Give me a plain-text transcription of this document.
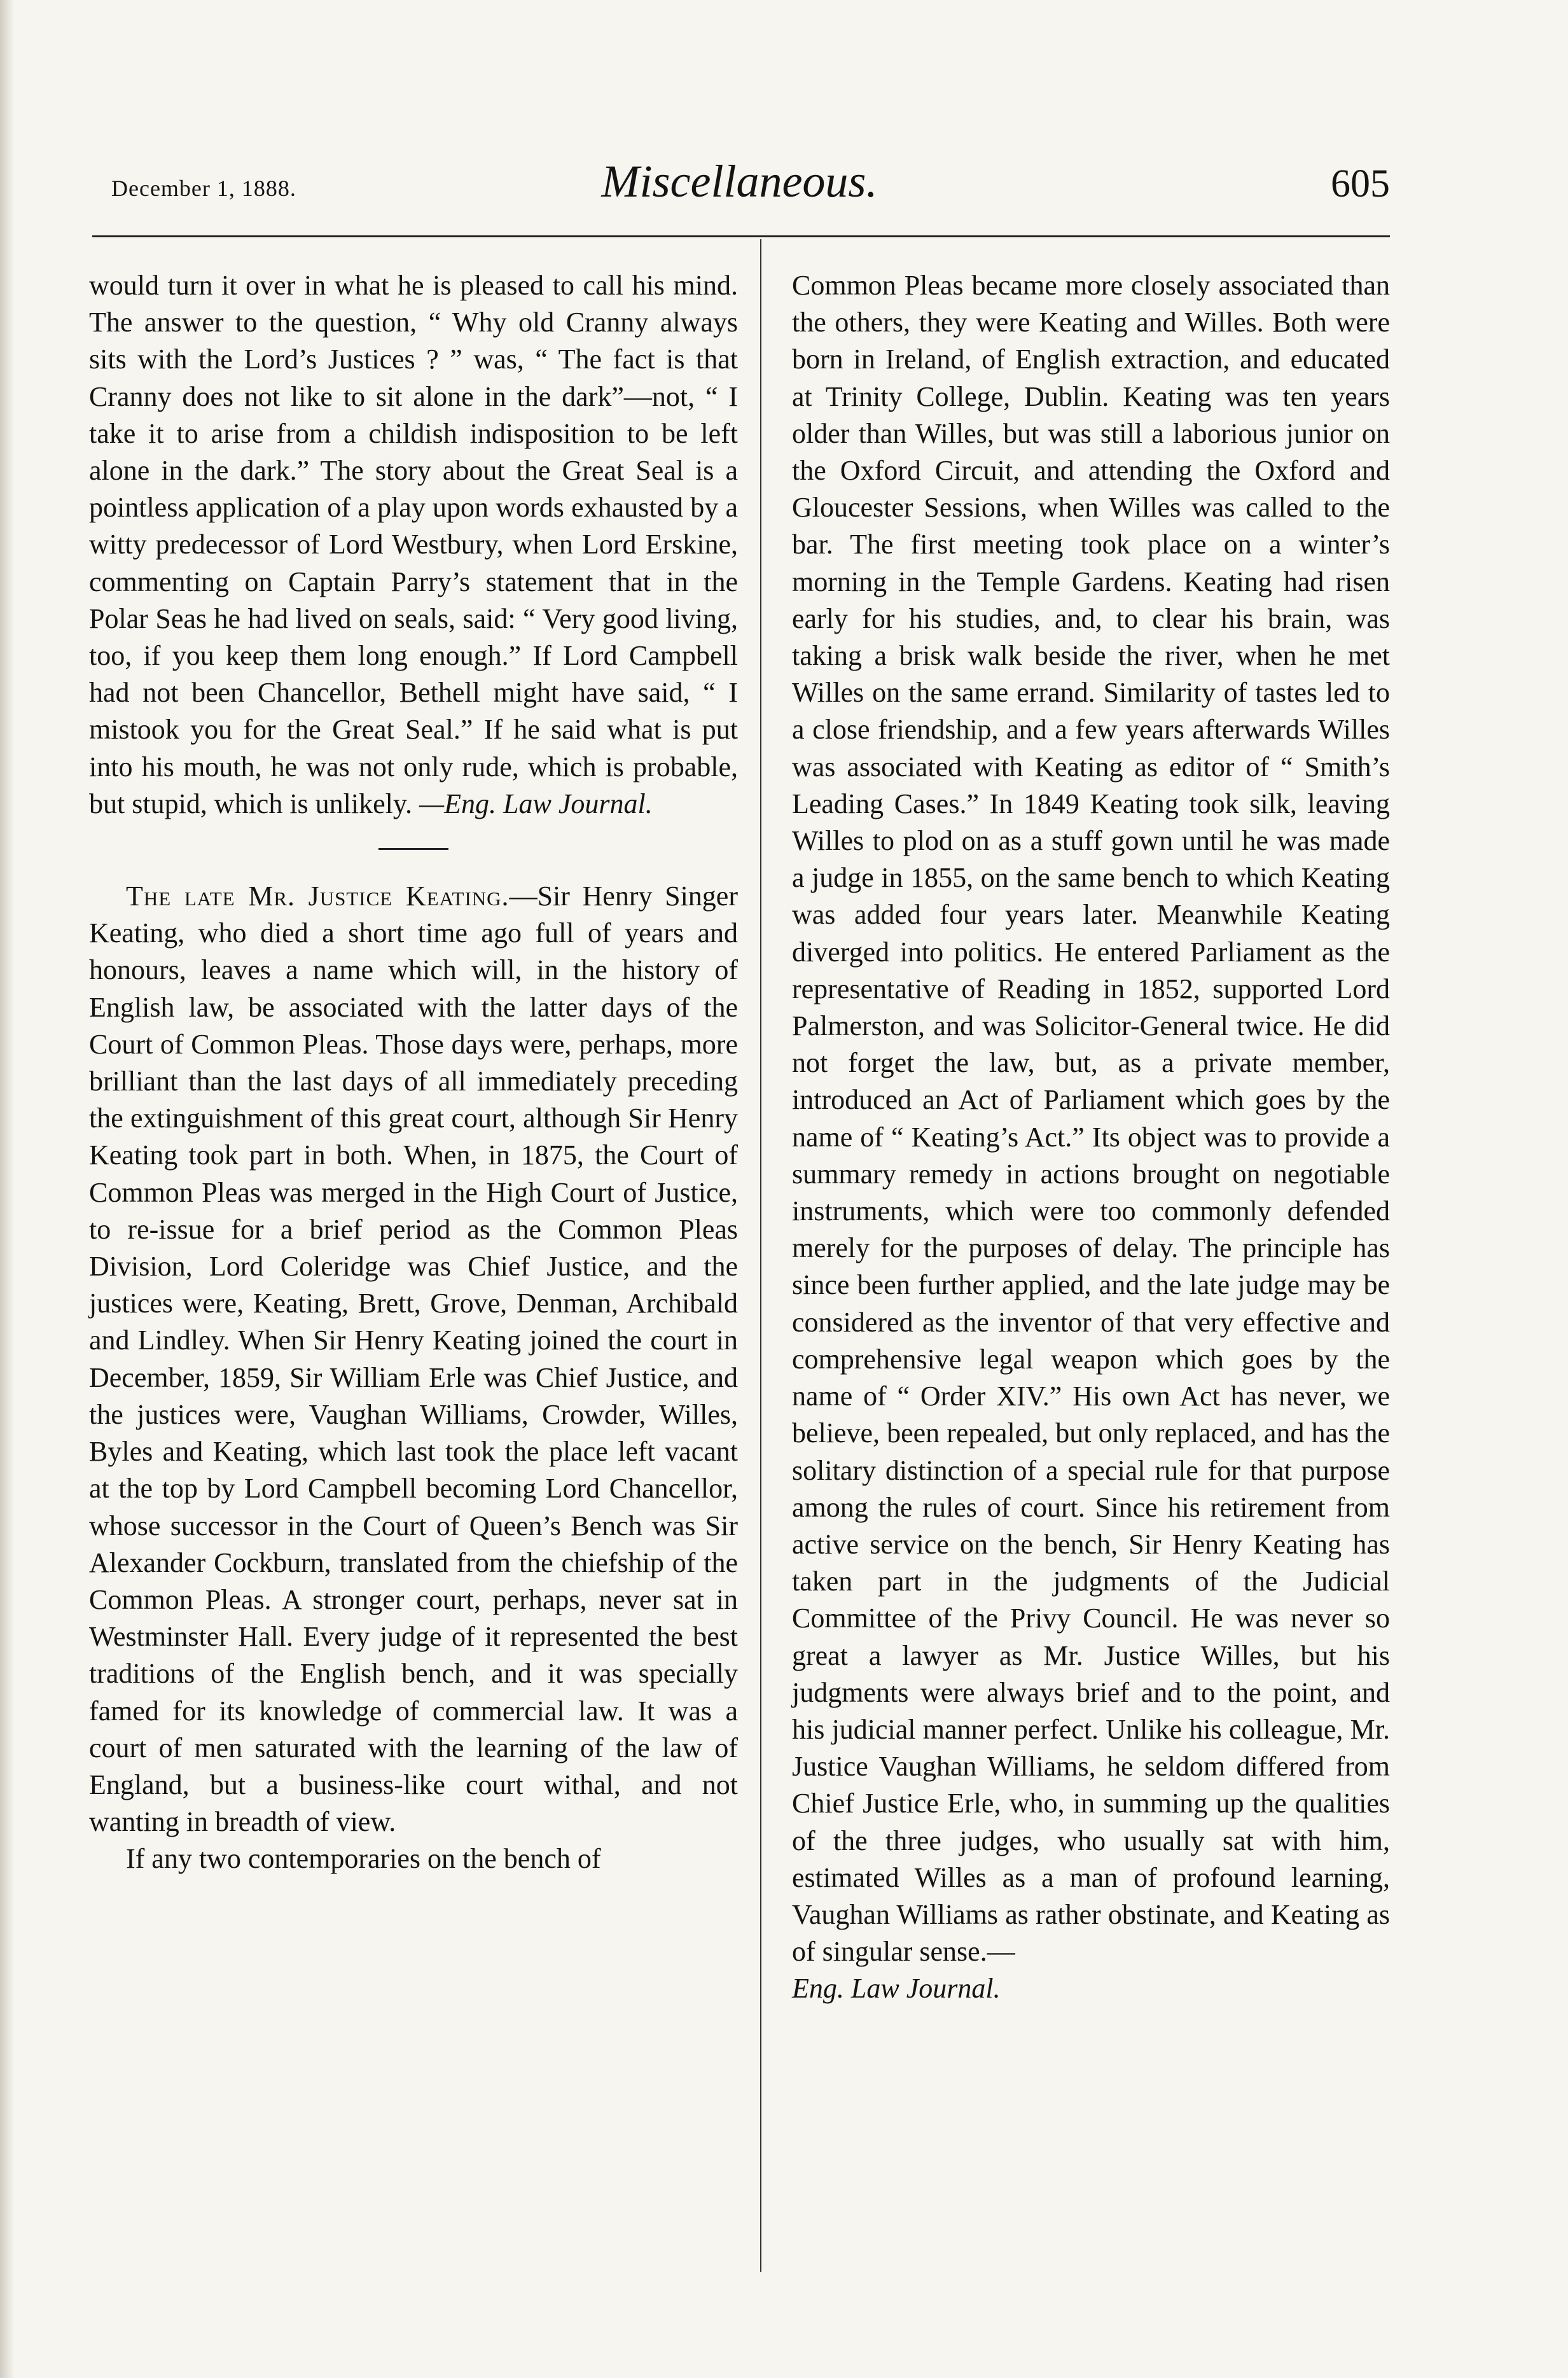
December 1, 1888.	Miscellaneous.	605

would turn it over in what he is pleased to call his mind. The answer to the question, “ Why old Cranny always sits with the Lord’s Justices ? ” was, “ The fact is that Cranny does not like to sit alone in the dark”—not, “ I take it to arise from a childish indisposition to be left alone in the dark.” The story about the Great Seal is a pointless application of a play upon words exhausted by a witty predecessor of Lord Westbury, when Lord Erskine, commenting on Captain Parry’s statement that in the Polar Seas he had lived on seals, said: “ Very good living, too, if you keep them long enough.” If Lord Campbell had not been Chancellor, Bethell might have said, “ I mistook you for the Great Seal.” If he said what is put into his mouth, he was not only rude, which is probable, but stupid, which is unlikely. —Eng. Law Journal.

The late Mr. Justice Keating.—Sir Henry Singer Keating, who died a short time ago full of years and honours, leaves a name which will, in the history of English law, be associated with the latter days of the Court of Common Pleas. Those days were, perhaps, more brilliant than the last days of all immediately preceding the extinguishment of this great court, although Sir Henry Keating took part in both. When, in 1875, the Court of Common Pleas was merged in the High Court of Justice, to re-issue for a brief period as the Common Pleas Division, Lord Coleridge was Chief Justice, and the justices were, Keating, Brett, Grove, Denman, Archibald and Lindley. When Sir Henry Keating joined the court in December, 1859, Sir William Erle was Chief Justice, and the justices were, Vaughan Williams, Crowder, Willes, Byles and Keating, which last took the place left vacant at the top by Lord Campbell becoming Lord Chancellor, whose successor in the Court of Queen’s Bench was Sir Alexander Cockburn, translated from the chiefship of the Common Pleas. A stronger court, perhaps, never sat in Westminster Hall. Every judge of it represented the best traditions of the English bench, and it was specially famed for its knowledge of commercial law. It was a court of men saturated with the learning of the law of England, but a business-like court withal, and not wanting in breadth of view.

If any two contemporaries on the bench of

Common Pleas became more closely associated than the others, they were Keating and Willes. Both were born in Ireland, of English extraction, and educated at Trinity College, Dublin. Keating was ten years older than Willes, but was still a laborious junior on the Oxford Circuit, and attending the Oxford and Gloucester Sessions, when Willes was called to the bar. The first meeting took place on a winter’s morning in the Temple Gardens. Keating had risen early for his studies, and, to clear his brain, was taking a brisk walk beside the river, when he met Willes on the same errand. Similarity of tastes led to a close friendship, and a few years afterwards Willes was associated with Keating as editor of “ Smith’s Leading Cases.” In 1849 Keating took silk, leaving Willes to plod on as a stuff gown until he was made a judge in 1855, on the same bench to which Keating was added four years later. Meanwhile Keating diverged into politics. He entered Parliament as the representative of Reading in 1852, supported Lord Palmerston, and was Solicitor-General twice. He did not forget the law, but, as a private member, introduced an Act of Parliament which goes by the name of “ Keating’s Act.” Its object was to provide a summary remedy in actions brought on negotiable instruments, which were too commonly defended merely for the purposes of delay. The principle has since been further applied, and the late judge may be considered as the inventor of that very effective and comprehensive legal weapon which goes by the name of “ Order XIV.” His own Act has never, we believe, been repealed, but only replaced, and has the solitary distinction of a special rule for that purpose among the rules of court. Since his retirement from active service on the bench, Sir Henry Keating has taken part in the judgments of the Judicial Committee of the Privy Council. He was never so great a lawyer as Mr. Justice Willes, but his judgments were always brief and to the point, and his judicial manner perfect. Unlike his colleague, Mr. Justice Vaughan Williams, he seldom differed from Chief Justice Erle, who, in summing up the qualities of the three judges, who usually sat with him, estimated Willes as a man of profound learning, Vaughan Williams as rather obstinate, and Keating as of singular sense.—

Eng. Law Journal.
